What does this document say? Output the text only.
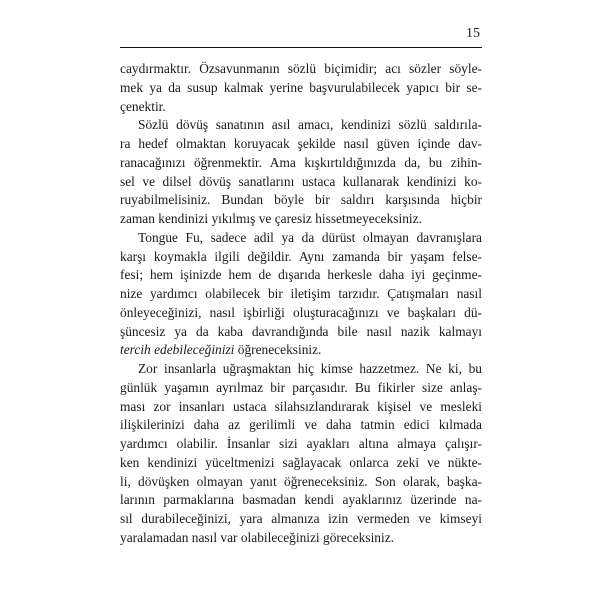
15

caydırmaktır. Özsavunmanın sözlü biçimidir; acı sözler söyle-
mek ya da susup kalmak yerine başvurulabilecek yapıcı bir se-
çenektir.

Sözlü dövüş sanatının asıl amacı, kendinizi sözlü saldırıla-
ra hedef olmaktan koruyacak şekilde nasıl güven içinde dav-
ranacağınızı öğrenmektir. Ama kışkırtıldığınızda da, bu zihin-
sel ve dilsel dövüş sanatlarını ustaca kullanarak kendinizi ko-
ruyabilmelisiniz. Bundan böyle bir saldırı karşısında hiçbir
zaman kendinizi yıkılmış ve çaresiz hissetmeyeceksiniz.

Tongue Fu, sadece adil ya da dürüst olmayan davranışlara
karşı koymakla ilgili değildir. Aynı zamanda bir yaşam felse-
fesi; hem işinizde hem de dışarıda herkesle daha iyi geçinme-
nize yardımcı olabilecek bir iletişim tarzıdır. Çatışmaları nasıl
önleyeceğinizi, nasıl işbirliği oluşturacağınızı ve başkaları dü-
şüncesiz ya da kaba davrandığında bile nasıl nazik kalmayı
tercih edebileceğinizi öğreneceksiniz.

Zor insanlarla uğraşmaktan hiç kimse hazzetmez. Ne ki, bu
günlük yaşamın ayrılmaz bir parçasıdır. Bu fikirler size anlaş-
ması zor insanları ustaca silahsızlandırarak kişisel ve mesleki
ilişkilerinizi daha az gerilimli ve daha tatmin edici kılmada
yardımcı olabilir. İnsanlar sizi ayakları altına almaya çalışır-
ken kendinizi yüceltmenizi sağlayacak onlarca zeki ve nükte-
li, dövüşken olmayan yanıt öğreneceksiniz. Son olarak, başka-
larının parmaklarına basmadan kendi ayaklarınız üzerinde na-
sıl durabileceğinizi, yara almanıza izin vermeden ve kimseyi
yaralamadan nasıl var olabileceğinizi göreceksiniz.
